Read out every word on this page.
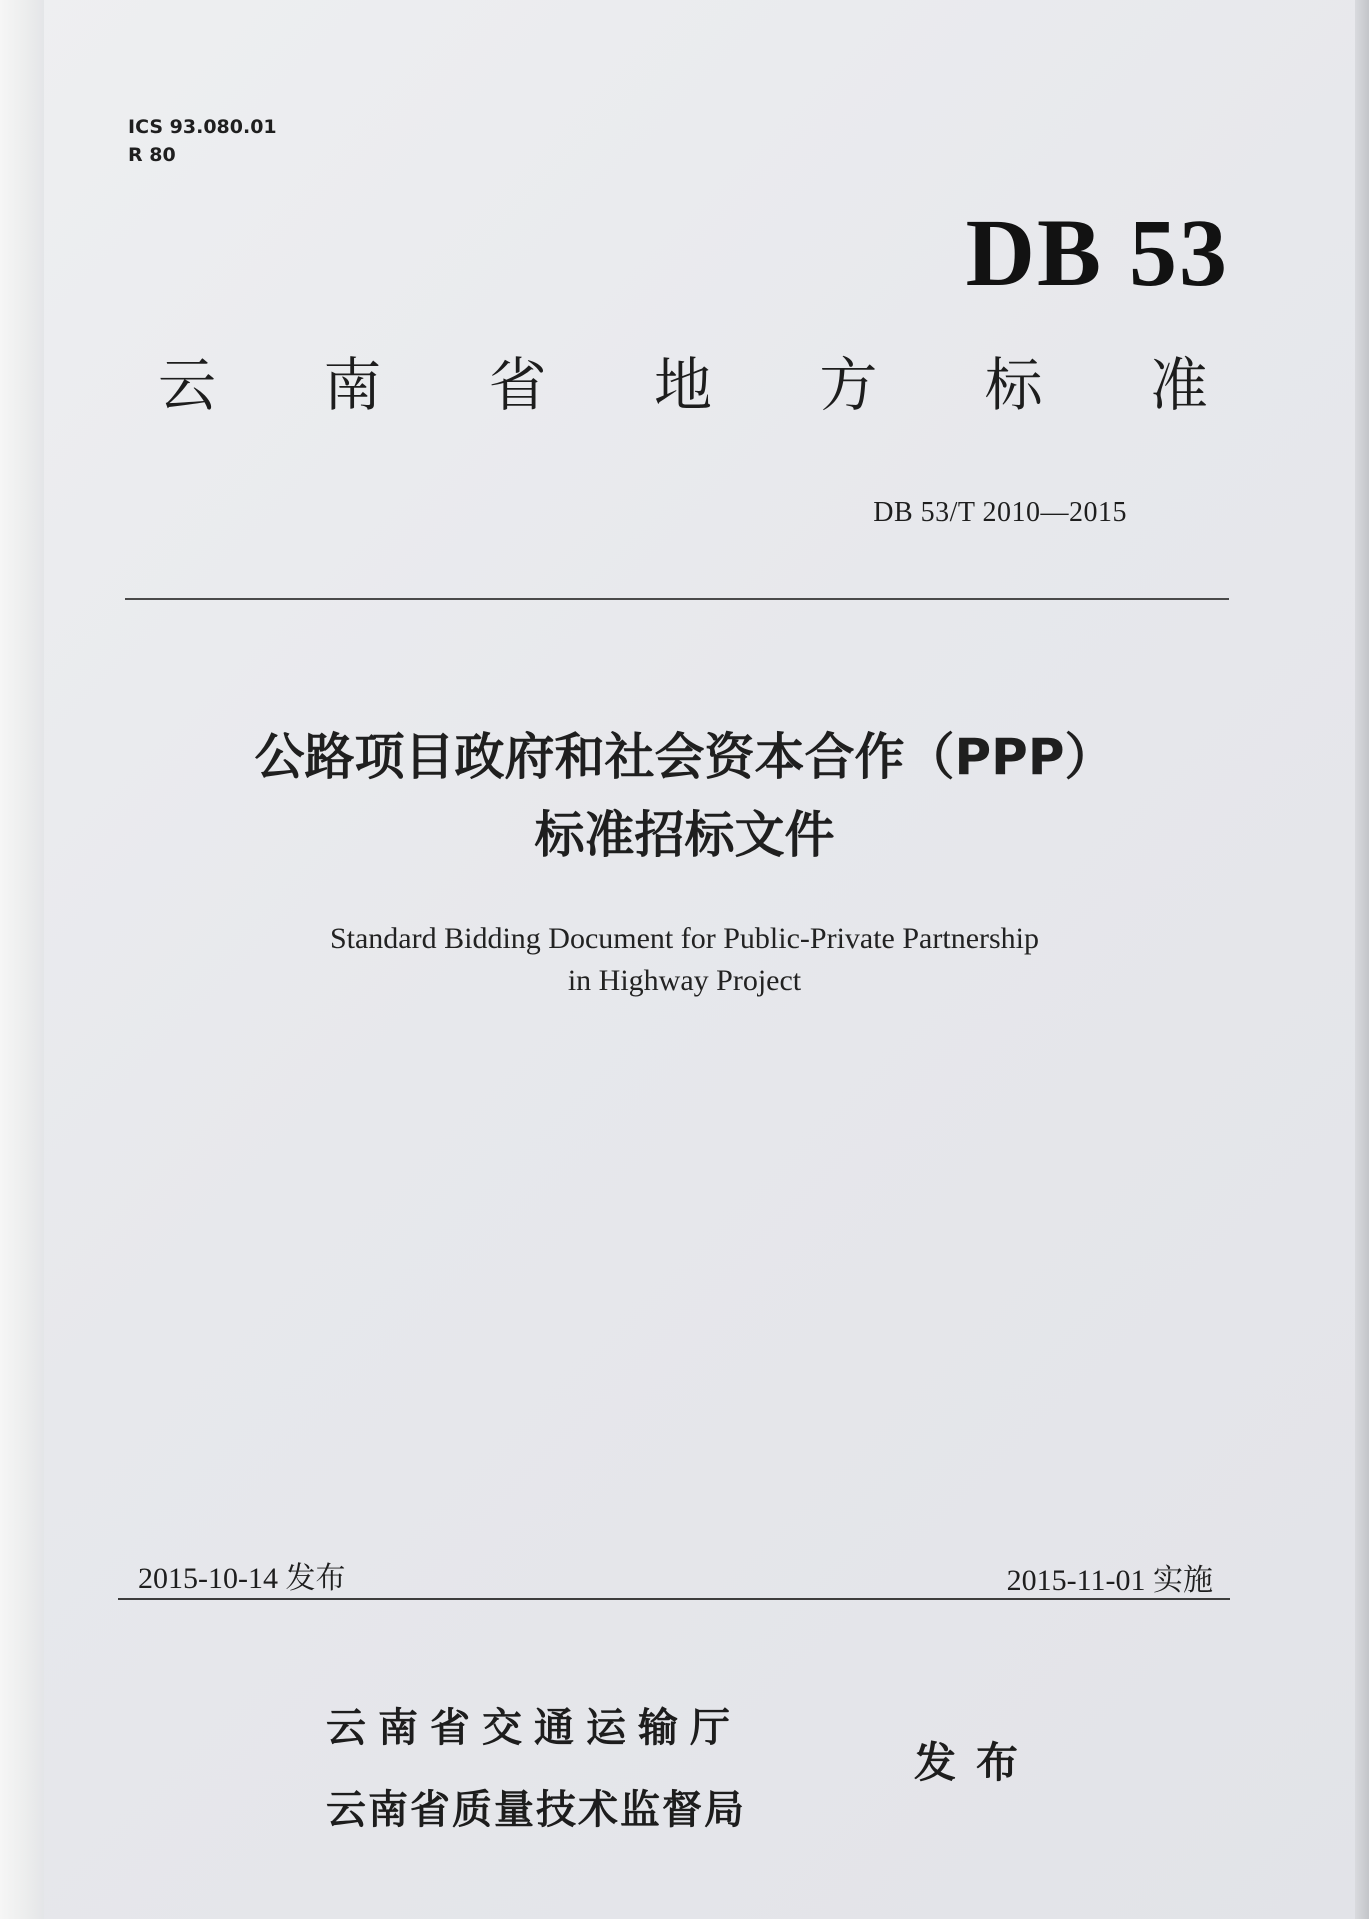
ICS 93.080.01
R 80
DB 53
云 南 省 地 方 标 准
DB 53/T 2010—2015
公路项目政府和社会资本合作（PPP）
标准招标文件
Standard Bidding Document for Public-Private Partnership
in Highway Project
2015-10-14 发布	2015-11-01 实施
云南省交通运输厅
云南省质量技术监督局
发布
